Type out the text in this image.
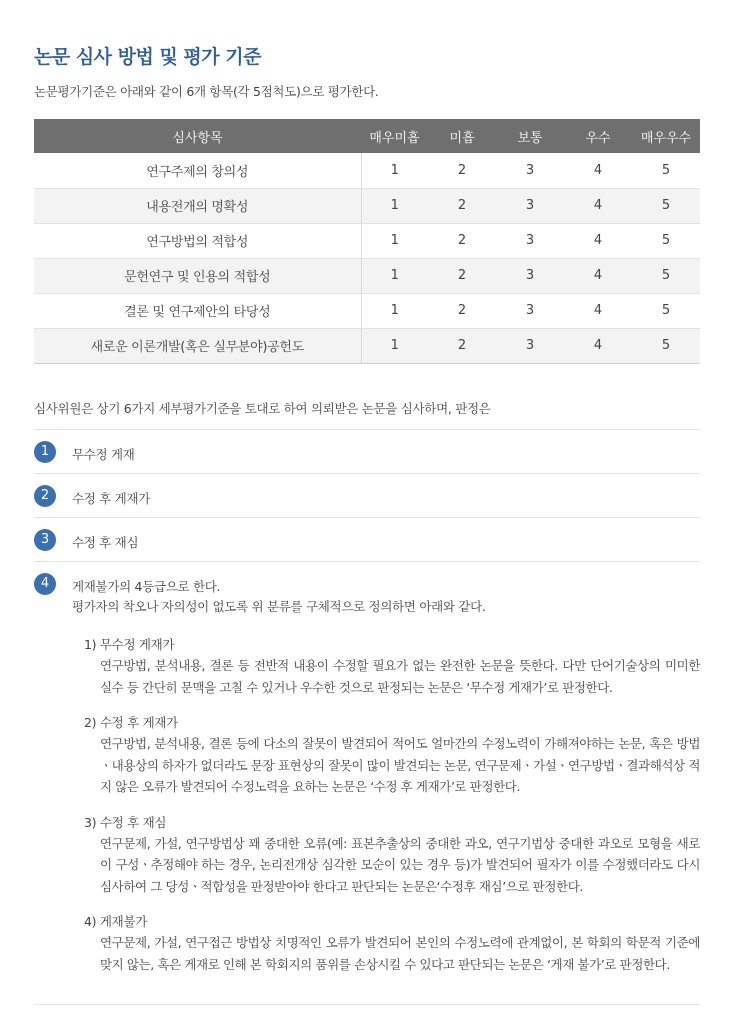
논문 심사 방법 및 평가 기준
논문평가기준은 아래와 같이 6개 항목(각 5점척도)으로 평가한다.
심사항목	매우미흡	미흡	보통	우수	매우우수
연구주제의 창의성	1	2	3	4	5
내용전개의 명확성	1	2	3	4	5
연구방법의 적합성	1	2	3	4	5
문헌연구 및 인용의 적합성	1	2	3	4	5
결론 및 연구제안의 타당성	1	2	3	4	5
새로운 이론개발(혹은 실무분야)공헌도	1	2	3	4	5
심사위원은 상기 6가지 세부평가기준을 토대로 하여 의뢰받은 논문을 심사하며, 판정은
1	무수정 게재
2	수정 후 게재가
3	수정 후 재심
4	게재불가의 4등급으로 한다.
평가자의 착오나 자의성이 없도록 위 분류를 구체적으로 정의하면 아래와 같다.
1) 무수정 게재가
연구방법, 분석내용, 결론 등 전반적 내용이 수정할 필요가 없는 완전한 논문을 뜻한다. 다만 단어기술상의 미미한 실수 등 간단히 문맥을 고칠 수 있거나 우수한 것으로 판정되는 논문은 ‘무수정 게재가’로 판정한다.
2) 수정 후 게재가
연구방법, 분석내용, 결론 등에 다소의 잘못이 발견되어 적어도 얼마간의 수정노력이 가해져야하는 논문, 혹은 방법ㆍ내용상의 하자가 없더라도 문장 표현상의 잘못이 많이 발견되는 논문, 연구문제ㆍ가설ㆍ연구방법ㆍ결과해석상 적지 않은 오류가 발견되어 수정노력을 요하는 논문은 ‘수정 후 게재가’로 판정한다.
3) 수정 후 재심
연구문제, 가설, 연구방법상 꽤 중대한 오류(예: 표본추출상의 중대한 과오, 연구기법상 중대한 과오로 모형을 새로이 구성ㆍ추정해야 하는 경우, 논리전개상 심각한 모순이 있는 경우 등)가 발견되어 필자가 이를 수정했더라도 다시 심사하여 그 당성ㆍ적합성을 판정받아야 한다고 판단되는 논문은‘수정후 재심’으로 판정한다.
4) 게재불가
연구문제, 가설, 연구접근 방법상 치명적인 오류가 발견되어 본인의 수정노력에 관계없이, 본 학회의 학문적 기준에 맞지 않는, 혹은 게재로 인해 본 학회지의 품위를 손상시킬 수 있다고 판단되는 논문은 ‘게재 불가’로 판정한다.
